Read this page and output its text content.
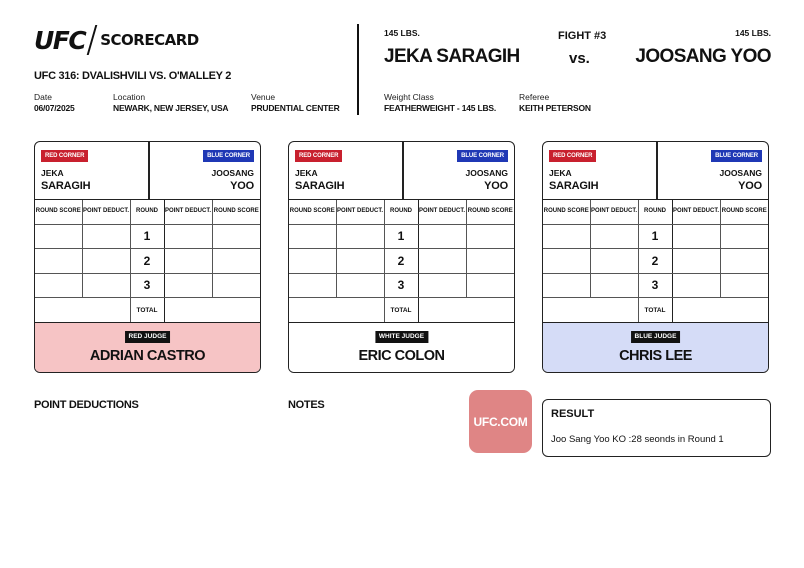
UFC SCORECARD
UFC 316: DVALISHVILI VS. O'MALLEY 2
Date
06/07/2025
Location
NEWARK, NEW JERSEY, USA
Venue
PRUDENTIAL CENTER
145 LBS.
JEKA SARAGIH
FIGHT #3
vs.
145 LBS.
JOOSANG YOO
Weight Class
FEATHERWEIGHT - 145 LBS.
Referee
KEITH PETERSON
RED CORNER	BLUE CORNER
JEKA
SARAGIH
JOOSANG
YOO
ROUND SCORE	POINT DEDUCT.	ROUND	POINT DEDUCT.	ROUND SCORE
		1		
		2		
		3		
		TOTAL		
RED JUDGE
ADRIAN CASTRO
RED CORNER	BLUE CORNER
JEKA
SARAGIH
JOOSANG
YOO
ROUND SCORE	POINT DEDUCT.	ROUND	POINT DEDUCT.	ROUND SCORE
		1		
		2		
		3		
		TOTAL		
WHITE JUDGE
ERIC COLON
RED CORNER	BLUE CORNER
JEKA
SARAGIH
JOOSANG
YOO
ROUND SCORE	POINT DEDUCT.	ROUND	POINT DEDUCT.	ROUND SCORE
		1		
		2		
		3		
		TOTAL		
BLUE JUDGE
CHRIS LEE
POINT DEDUCTIONS	NOTES
UFC.COM
RESULT
Joo Sang Yoo KO :28 seonds in Round 1
